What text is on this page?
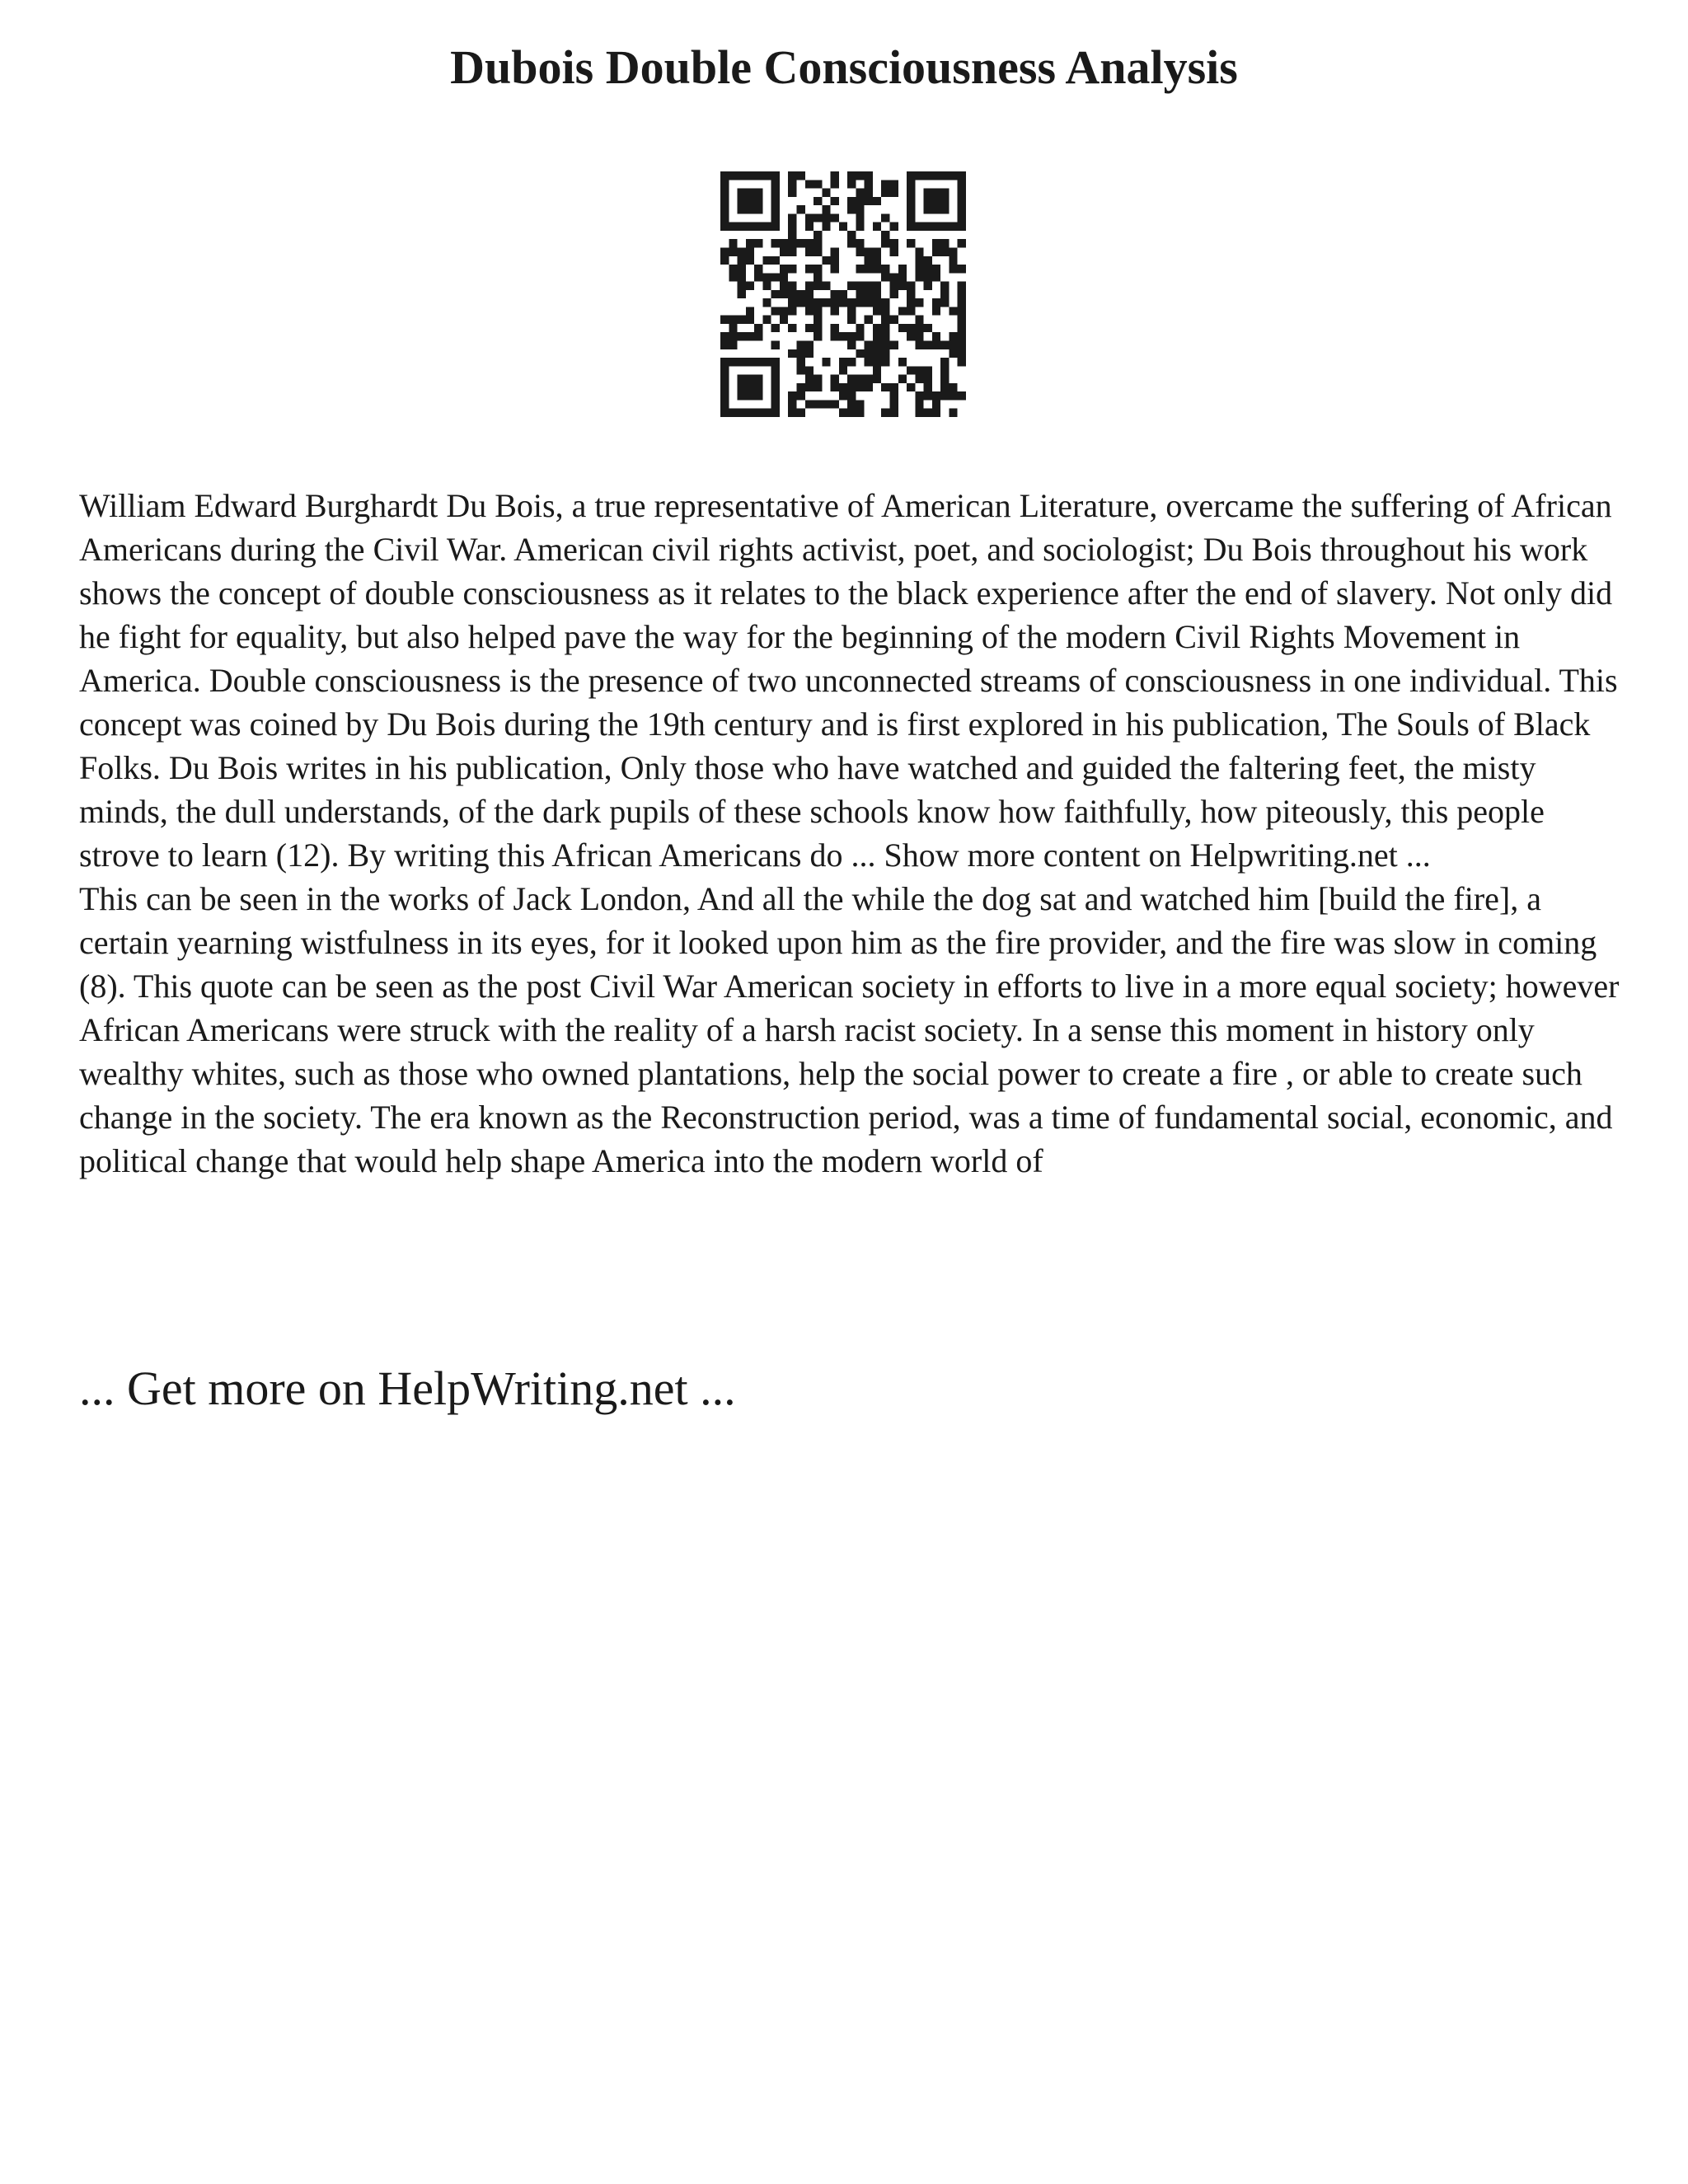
Dubois Double Consciousness Analysis

William Edward Burghardt Du Bois, a true representative of American Literature, overcame the suffering of African Americans during the Civil War. American civil rights activist, poet, and sociologist; Du Bois throughout his work shows the concept of double consciousness as it relates to the black experience after the end of slavery. Not only did he fight for equality, but also helped pave the way for the beginning of the modern Civil Rights Movement in America. Double consciousness is the presence of two unconnected streams of consciousness in one individual. This concept was coined by Du Bois during the 19th century and is first explored in his publication, The Souls of Black Folks. Du Bois writes in his publication, Only those who have watched and guided the faltering feet, the misty minds, the dull understands, of the dark pupils of these schools know how faithfully, how piteously, this people strove to learn (12). By writing this African Americans do ... Show more content on Helpwriting.net ...

This can be seen in the works of Jack London, And all the while the dog sat and watched him [build the fire], a certain yearning wistfulness in its eyes, for it looked upon him as the fire provider, and the fire was slow in coming (8). This quote can be seen as the post Civil War American society in efforts to live in a more equal society; however African Americans were struck with the reality of a harsh racist society. In a sense this moment in history only wealthy whites, such as those who owned plantations, help the social power to create a fire , or able to create such change in the society. The era known as the Reconstruction period, was a time of fundamental social, economic, and political change that would help shape America into the modern world of

... Get more on HelpWriting.net ...
